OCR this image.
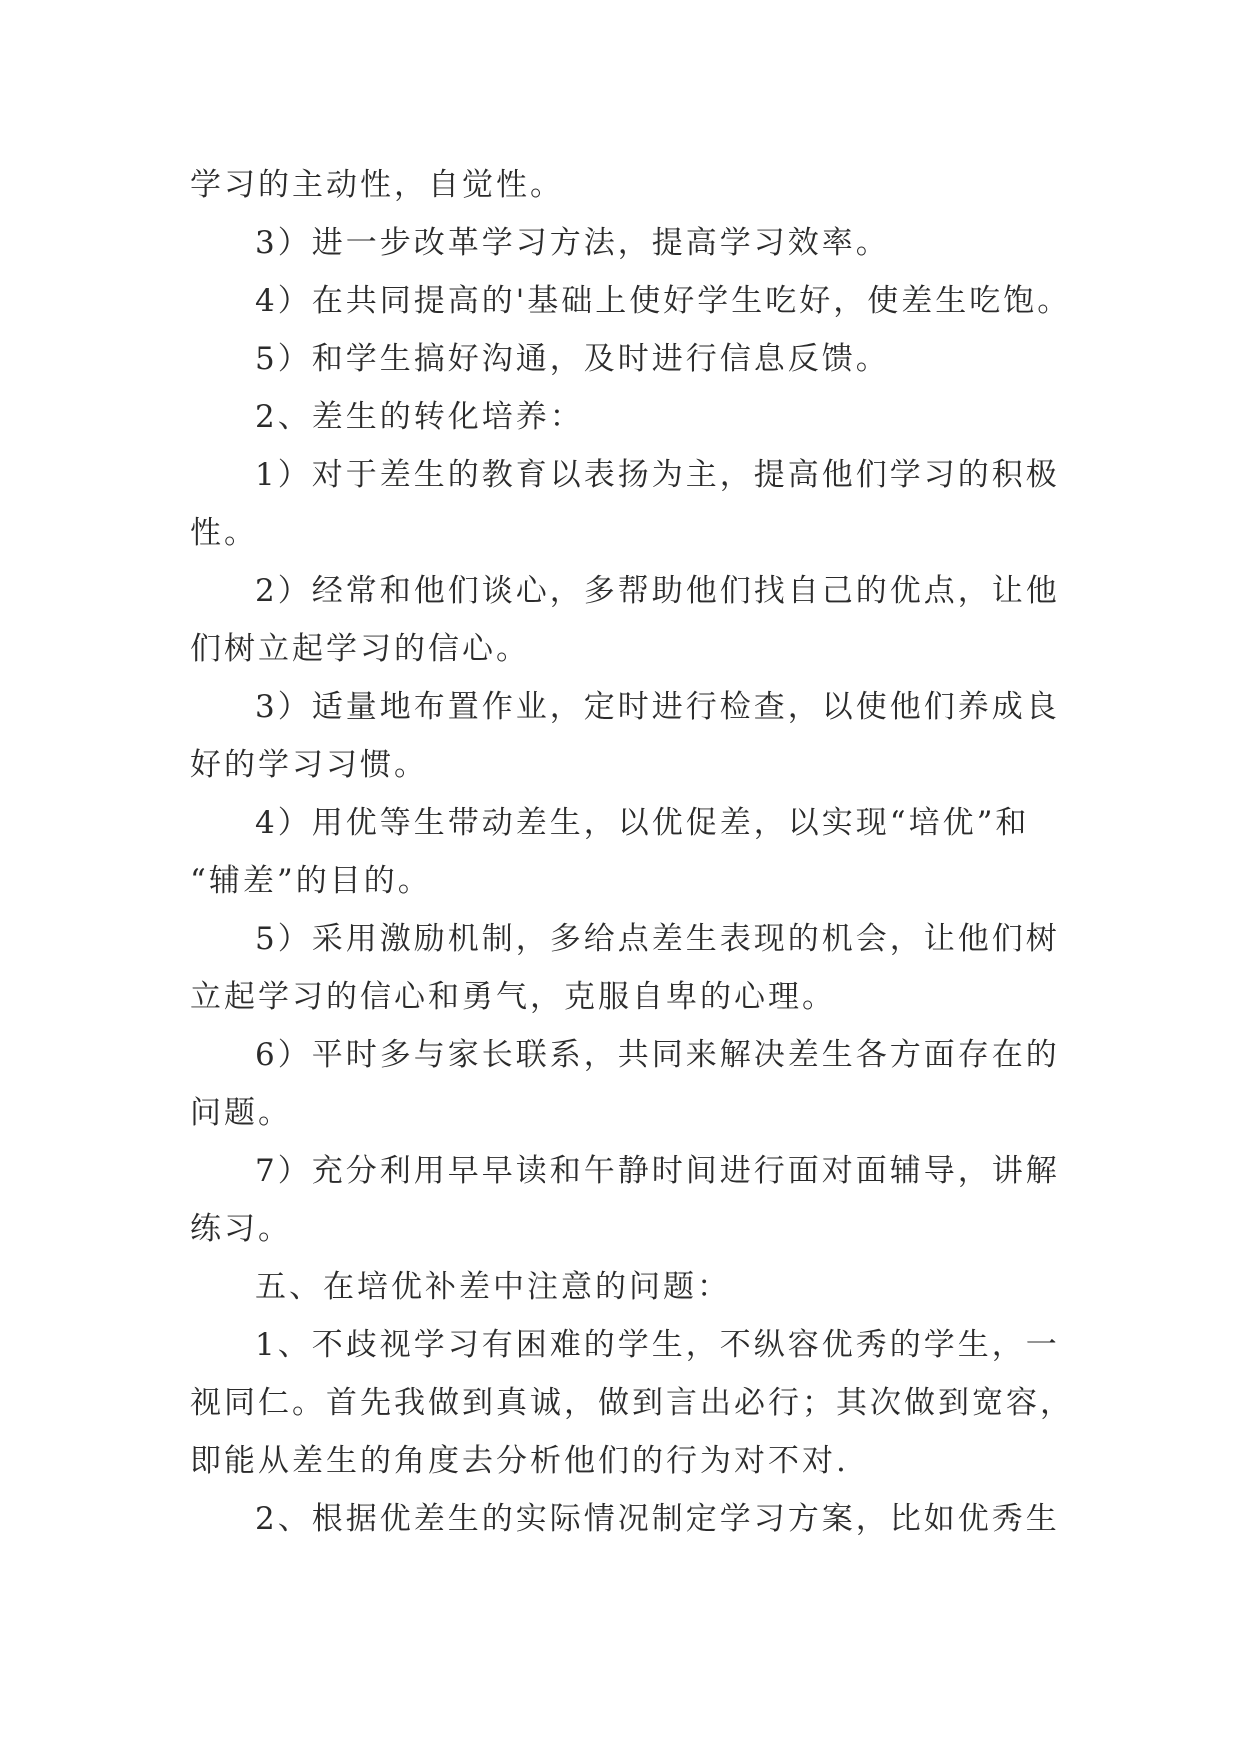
学习的主动性，自觉性。
3）进一步改革学习方法，提高学习效率。
4）在共同提高的'基础上使好学生吃好，使差生吃饱。
5）和学生搞好沟通，及时进行信息反馈。
2、差生的转化培养：
1）对于差生的教育以表扬为主，提高他们学习的积极
性。
2）经常和他们谈心，多帮助他们找自己的优点，让他
们树立起学习的信心。
3）适量地布置作业，定时进行检查，以使他们养成良
好的学习习惯。
4）用优等生带动差生，以优促差，以实现“培优”和
“辅差”的目的。
5）采用激励机制，多给点差生表现的机会，让他们树
立起学习的信心和勇气，克服自卑的心理。
6）平时多与家长联系，共同来解决差生各方面存在的
问题。
7）充分利用早早读和午静时间进行面对面辅导，讲解
练习。
五、在培优补差中注意的问题：
1、不歧视学习有困难的学生，不纵容优秀的学生，一
视同仁。首先我做到真诚，做到言出必行；其次做到宽容，
即能从差生的角度去分析他们的行为对不对.
2、根据优差生的实际情况制定学习方案，比如优秀生
